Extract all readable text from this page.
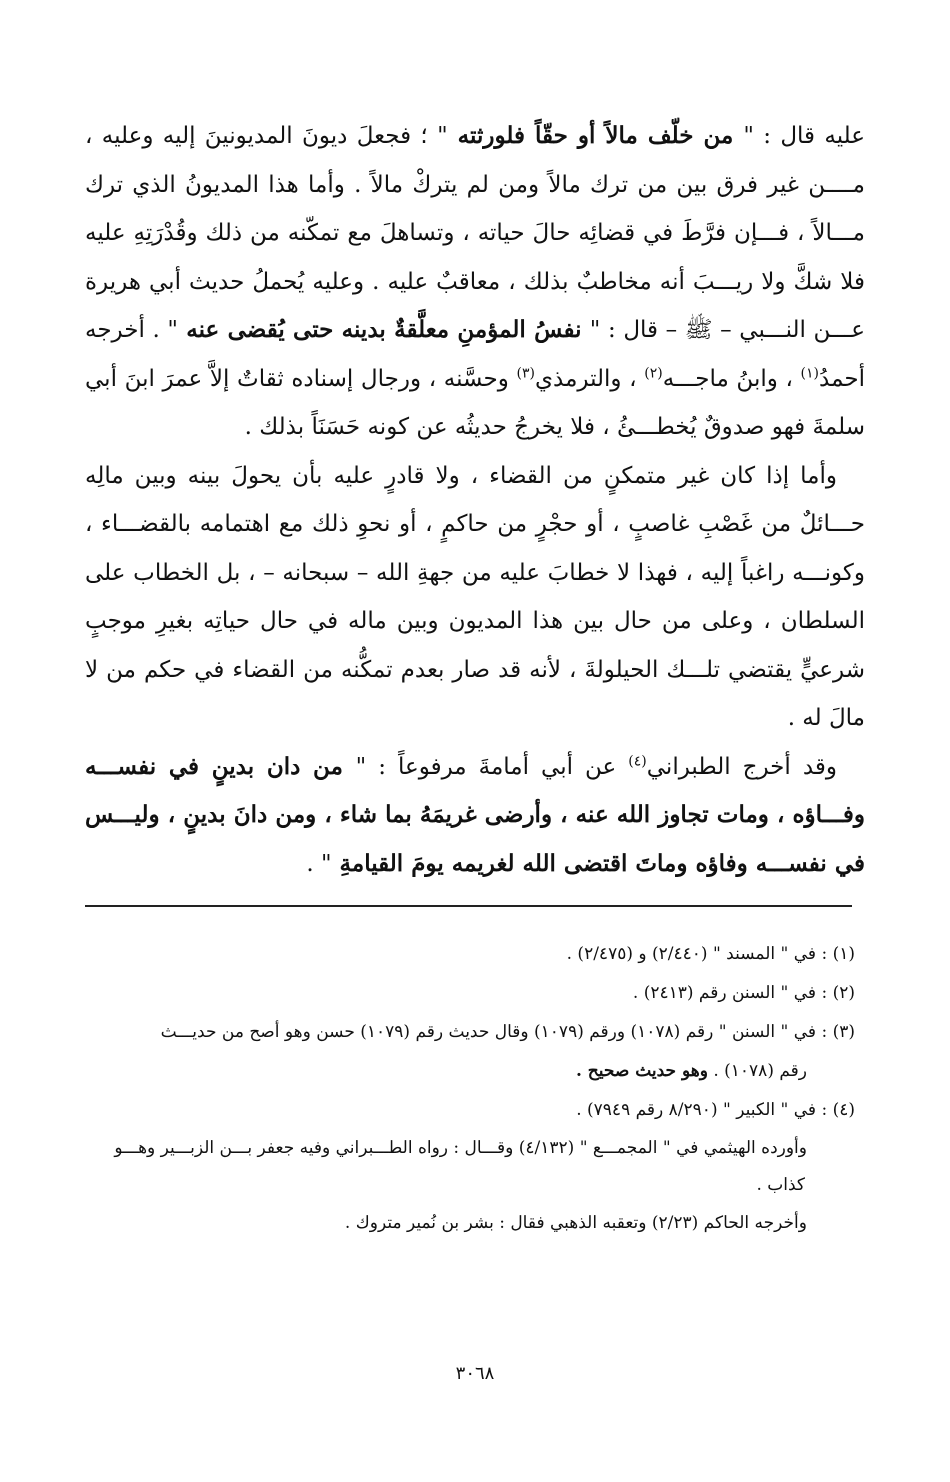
عليه قال : " من خلّف مالاً أو حقّاً فلورثته " ؛ فجعلَ ديونَ المديونينَ إليه وعليه ، مــــن غير فرق بين من ترك مالاً ومن لم يتركْ مالاً . وأما هذا المديونُ الذي ترك مـــالاً ، فـــإن فرَّطَ في قضائِه حالَ حياته ، وتساهلَ مع تمكّنه من ذلك وقُدْرَتِهِ عليه فلا شكَّ ولا ريـــبَ أنه مخاطبٌ بذلك ، معاقبٌ عليه . وعليه يُحملُ حديث أبي هريرة عـــن النـــبي – ﷺ – قال : " نفسُ المؤمنِ معلَّقةٌ بدينه حتى يُقضى عنه " . أخرجه أحمدُ$^{(١)}$ ، وابنُ ماجـــه$^{(٢)}$ ، والترمذي$^{(٣)}$ وحسَّنه ، ورجال إسناده ثقاتٌ إلاَّ عمرَ ابنَ أبي سلمةَ فهو صدوقٌ يُخطـــئُ ، فلا يخرجُ حديثُه عن كونه حَسَنَاً بذلك .

وأما إذا كان غير متمكنٍ من القضاء ، ولا قادرٍ عليه بأن يحولَ بينه وبين مالِه حـــائلٌ من غَصْبِ غاصبٍ ، أو حجْرٍ من حاكمٍ ، أو نحوِ ذلك مع اهتمامه بالقضـــاء ، وكونـــه راغباً إليه ، فهذا لا خطابَ عليه من جهةِ الله – سبحانه – ، بل الخطاب على السلطان ، وعلى من حال بين هذا المديون وبين ماله في حال حياتِه بغيرِ موجبٍ شرعيٍّ يقتضي تلـــك الحيلولةَ ، لأنه قد صار بعدم تمكُّنه من القضاء في حكم من لا مالَ له .

وقد أخرج الطبراني$^{(٤)}$ عن أبي أمامةَ مرفوعاً : " من دان بدينٍ في نفســـه وفـــاؤه ، ومات تجاوز الله عنه ، وأرضى غريمَهُ بما شاء ، ومن دانَ بدينٍ ، وليـــس في نفســـه وفاؤه وماتَ اقتضى الله لغريمه يومَ القيامةِ " .

(١) : في " المسند " (٢/٤٤٠) و (٢/٤٧٥) .

(٢) : في " السنن رقم (٢٤١٣) .

(٣) : في " السنن " رقم (١٠٧٨) ورقم (١٠٧٩) وقال حديث رقم (١٠٧٩) حسن وهو أصح من حديـــث

رقم (١٠٧٨) . وهو حديث صحيح .

(٤) : في " الكبير " (٨/٢٩٠ رقم ٧٩٤٩) .

وأورده الهيثمي في " المجمـــع " (٤/١٣٢) وقـــال : رواه الطـــبراني وفيه جعفر بـــن الزبـــير وهـــو

كذاب .

وأخرجه الحاكم (٢/٢٣) وتعقبه الذهبي فقال : بشر بن نُمير متروك .

٣٠٦٨
